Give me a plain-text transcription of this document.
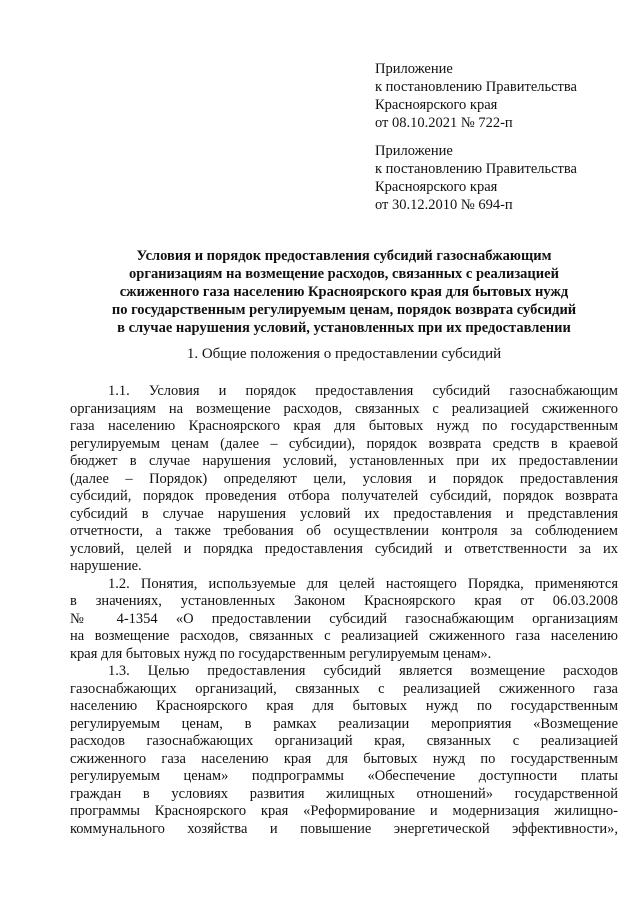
Приложение
к постановлению Правительства
Красноярского края
от 08.10.2021 № 722-п
Приложение
к постановлению Правительства
Красноярского края
от 30.12.2010 № 694-п
Условия и порядок предоставления субсидий газоснабжающим
организациям на возмещение расходов, связанных с реализацией
сжиженного газа населению Красноярского края для бытовых нужд
по государственным регулируемым ценам, порядок возврата субсидий
в случае нарушения условий, установленных при их предоставлении
1. Общие положения о предоставлении субсидий
1.1. Условия и порядок предоставления субсидий газоснабжающим
организациям на возмещение расходов, связанных с реализацией сжиженного
газа населению Красноярского края для бытовых нужд по государственным
регулируемым ценам (далее – субсидии), порядок возврата средств в краевой
бюджет в случае нарушения условий, установленных при их предоставлении
(далее – Порядок) определяют цели, условия и порядок предоставления
субсидий, порядок проведения отбора получателей субсидий, порядок возврата
субсидий в случае нарушения условий их предоставления и представления
отчетности, а также требования об осуществлении контроля за соблюдением
условий, целей и порядка предоставления субсидий и ответственности за их
нарушение.
1.2. Понятия, используемые для целей настоящего Порядка, применяются
в значениях, установленных Законом Красноярского края от 06.03.2008
№ 4-1354 «О предоставлении субсидий газоснабжающим организациям
на возмещение расходов, связанных с реализацией сжиженного газа населению
края для бытовых нужд по государственным регулируемым ценам».
1.3. Целью предоставления субсидий является возмещение расходов
газоснабжающих организаций, связанных с реализацией сжиженного газа
населению Красноярского края для бытовых нужд по государственным
регулируемым ценам, в рамках реализации мероприятия «Возмещение
расходов газоснабжающих организаций края, связанных с реализацией
сжиженного газа населению края для бытовых нужд по государственным
регулируемым ценам» подпрограммы «Обеспечение доступности платы
граждан в условиях развития жилищных отношений» государственной
программы Красноярского края «Реформирование и модернизация жилищно-
коммунального хозяйства и повышение энергетической эффективности»,
